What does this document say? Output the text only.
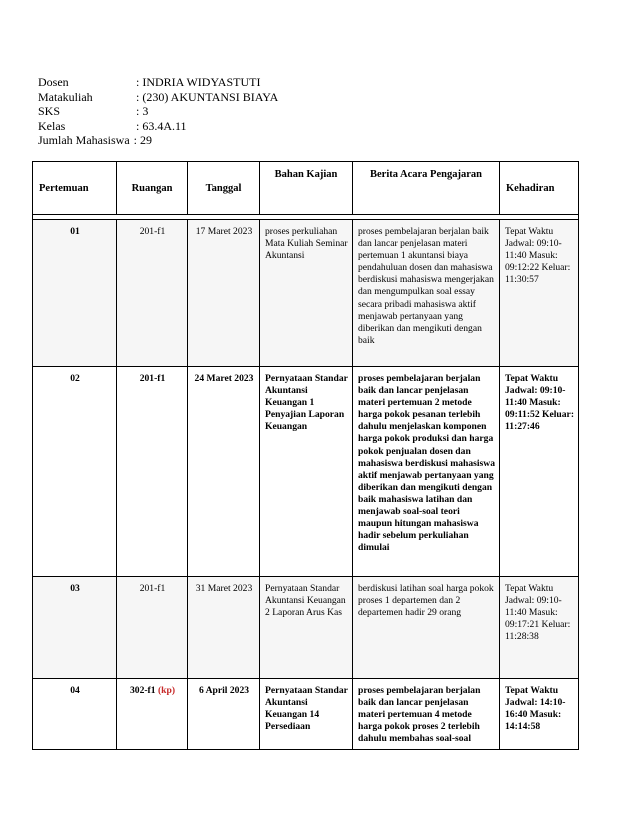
Dosen	: INDRIA WIDYASTUTI
Matakuliah	: (230) AKUNTANSI BIAYA
SKS	: 3
Kelas	: 63.4A.11
Jumlah Mahasiswa : 29
Pertemuan	Ruangan	Tanggal	Bahan Kajian	Berita Acara Pengajaran	Kehadiran

01	201-f1	17 Maret 2023	proses perkuliahan Mata Kuliah Seminar Akuntansi	proses pembelajaran berjalan baik dan lancar penjelasan materi pertemuan 1 akuntansi biaya pendahuluan dosen dan mahasiswa berdiskusi mahasiswa mengerjakan dan mengumpulkan soal essay secara pribadi mahasiswa aktif menjawab pertanyaan yang diberikan dan mengikuti dengan baik	Tepat Waktu Jadwal: 09:10-11:40 Masuk: 09:12:22 Keluar: 11:30:57
02	201-f1	24 Maret 2023	Pernyataan Standar Akuntansi Keuangan 1 Penyajian Laporan Keuangan	proses pembelajaran berjalan baik dan lancar penjelasan materi pertemuan 2 metode harga pokok pesanan terlebih dahulu menjelaskan komponen harga pokok produksi dan harga pokok penjualan dosen dan mahasiswa berdiskusi mahasiswa aktif menjawab pertanyaan yang diberikan dan mengikuti dengan baik mahasiswa latihan dan menjawab soal-soal teori maupun hitungan mahasiswa hadir sebelum perkuliahan dimulai	Tepat Waktu Jadwal: 09:10-11:40 Masuk: 09:11:52 Keluar: 11:27:46
03	201-f1	31 Maret 2023	Pernyataan Standar Akuntansi Keuangan 2 Laporan Arus Kas	berdiskusi latihan soal harga pokok proses 1 departemen dan 2 departemen hadir 29 orang	Tepat Waktu Jadwal: 09:10-11:40 Masuk: 09:17:21 Keluar: 11:28:38
04	302-f1 (kp)	6 April 2023	Pernyataan Standar Akuntansi Keuangan 14 Persediaan	proses pembelajaran berjalan baik dan lancar penjelasan materi pertemuan 4 metode harga pokok proses 2 terlebih dahulu membahas soal-soal	Tepat Waktu Jadwal: 14:10-16:40 Masuk: 14:14:58
